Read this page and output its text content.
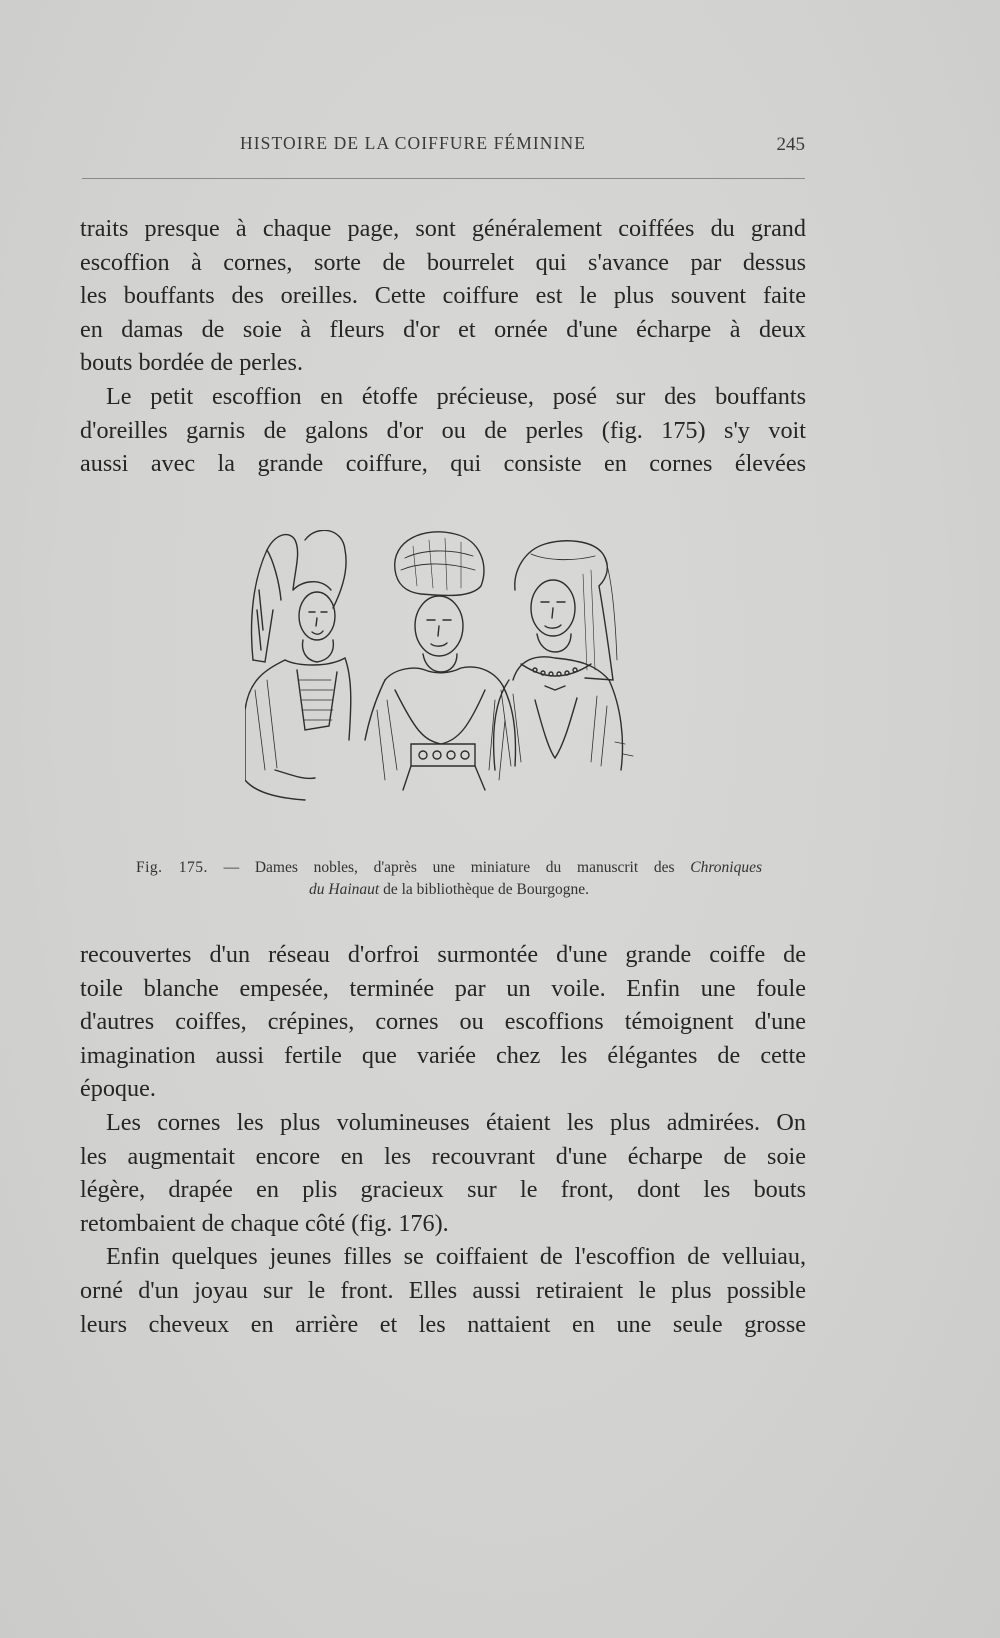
HISTOIRE DE LA COIFFURE FÉMININE	245
traits presque à chaque page, sont généralement coiffées du grand
escoffion à cornes, sorte de bourrelet qui s'avance par dessus
les bouffants des oreilles. Cette coiffure est le plus souvent faite
en damas de soie à fleurs d'or et ornée d'une écharpe à deux
bouts bordée de perles.
Le petit escoffion en étoffe précieuse, posé sur des bouffants
d'oreilles garnis de galons d'or ou de perles (fig. 175) s'y voit
aussi avec la grande coiffure, qui consiste en cornes élevées
Fig. 175. — Dames nobles, d'après une miniature du manuscrit des Chroniques
du Hainaut de la bibliothèque de Bourgogne.
recouvertes d'un réseau d'orfroi surmontée d'une grande coiffe de
toile blanche empesée, terminée par un voile. Enfin une foule
d'autres coiffes, crépines, cornes ou escoffions témoignent d'une
imagination aussi fertile que variée chez les élégantes de cette
époque.
Les cornes les plus volumineuses étaient les plus admirées. On
les augmentait encore en les recouvrant d'une écharpe de soie
légère, drapée en plis gracieux sur le front, dont les bouts
retombaient de chaque côté (fig. 176).
Enfin quelques jeunes filles se coiffaient de l'escoffion de velluiau,
orné d'un joyau sur le front. Elles aussi retiraient le plus possible
leurs cheveux en arrière et les nattaient en une seule grosse
